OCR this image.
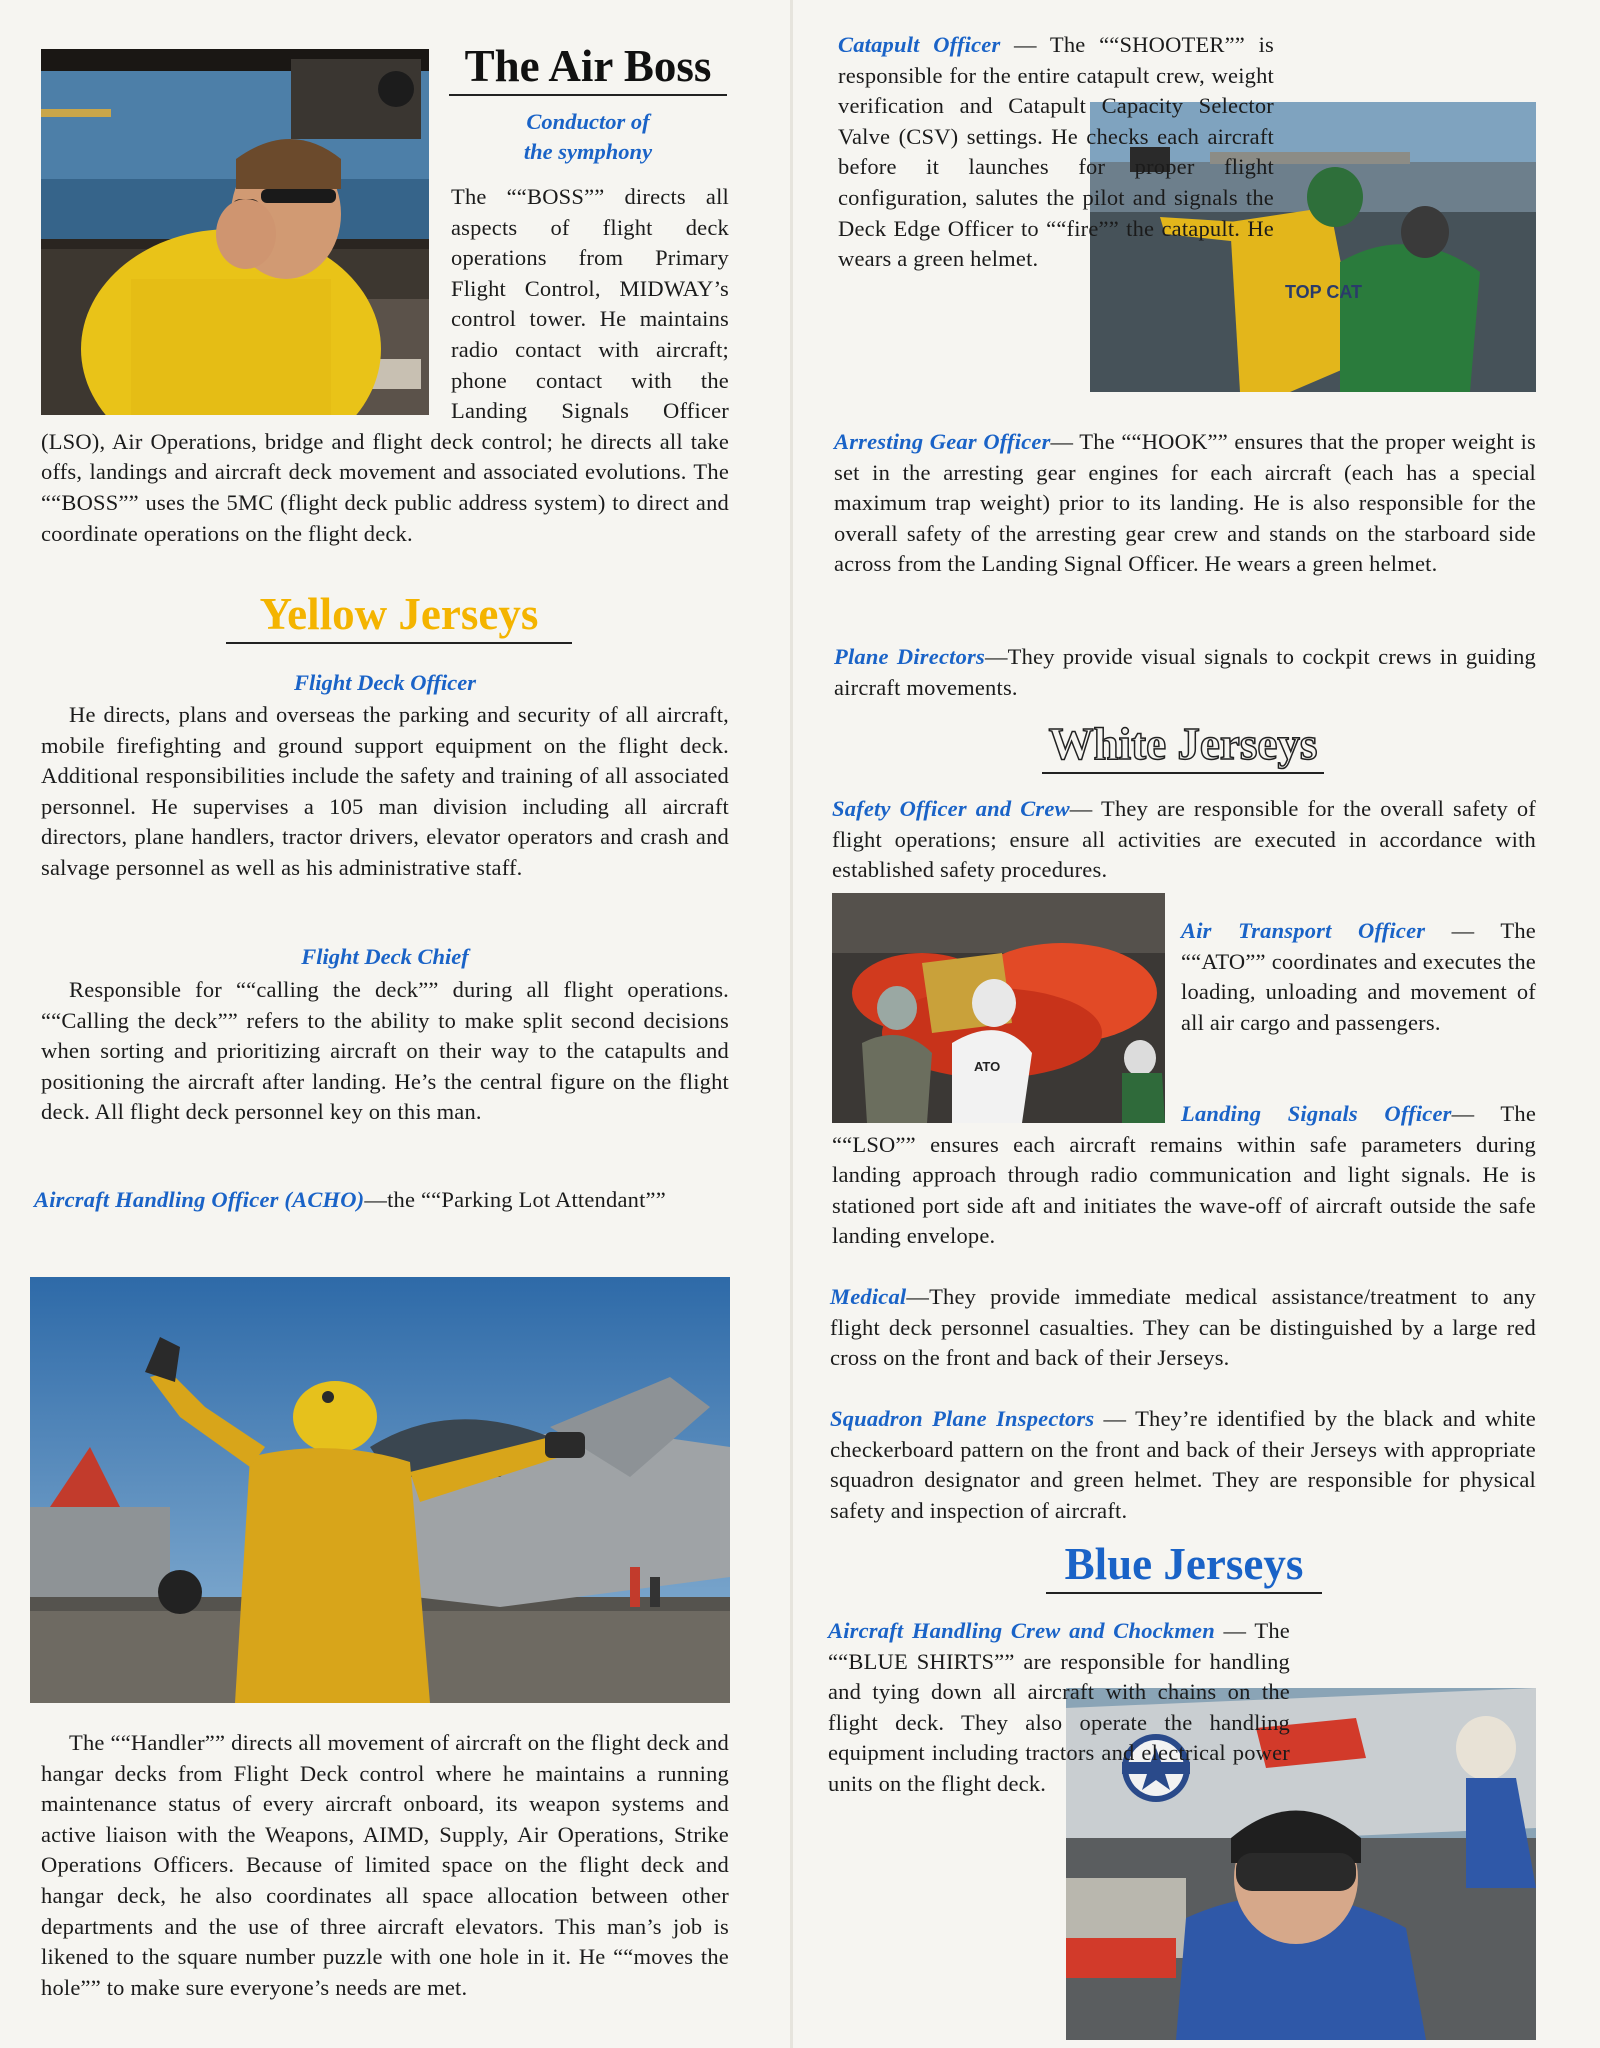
The Air Boss
Conductor of
the symphony
The ““BOSS”” directs all aspects of flight deck operations from Primary Flight Control, MIDWAY’s control tower. He maintains radio contact with aircraft; phone contact with the Landing Signals Officer (LSO), Air Operations, bridge and flight deck control; he directs all take offs, landings and aircraft deck movement and associated evolutions. The ““BOSS”” uses the 5MC (flight deck public address system) to direct and coordinate operations on the flight deck.
Yellow Jerseys
Flight Deck Officer
He directs, plans and overseas the parking and security of all aircraft, mobile firefighting and ground support equipment on the flight deck. Additional responsibilities include the safety and training of all associated personnel. He supervises a 105 man division including all aircraft directors, plane handlers, tractor drivers, elevator operators and crash and salvage personnel as well as his administrative staff.
Flight Deck Chief
Responsible for ““calling the deck”” during all flight operations. ““Calling the deck”” refers to the ability to make split second decisions when sorting and prioritizing aircraft on their way to the catapults and positioning the aircraft after landing. He’s the central figure on the flight deck. All flight deck personnel key on this man.
Aircraft Handling Officer (ACHO)—the ““Parking Lot Attendant””
The ““Handler”” directs all movement of aircraft on the flight deck and hangar decks from Flight Deck control where he maintains a running maintenance status of every aircraft onboard, its weapon systems and active liaison with the Weapons, AIMD, Supply, Air Operations, Strike Operations Officers. Because of limited space on the flight deck and hangar deck, he also coordinates all space allocation between other departments and the use of three aircraft elevators. This man’s job is likened to the square number puzzle with one hole in it. He ““moves the hole”” to make sure everyone’s needs are met.
TOP CAT
Catapult Officer — The ““SHOOTER”” is responsible for the entire catapult crew, weight verification and Catapult Capacity Selector Valve (CSV) settings. He checks each aircraft before it launches for proper flight configuration, salutes the pilot and signals the Deck Edge Officer to ““fire”” the catapult. He wears a green helmet.
Arresting Gear Officer— The ““HOOK”” ensures that the proper weight is set in the arresting gear engines for each aircraft (each has a special maximum trap weight) prior to its landing. He is also responsible for the overall safety of the arresting gear crew and stands on the starboard side across from the Landing Signal Officer. He wears a green helmet.
Plane Directors—They provide visual signals to cockpit crews in guiding aircraft movements.
White Jerseys
Safety Officer and Crew— They are responsible for the overall safety of flight operations; ensure all activities are executed in accordance with established safety procedures.
ATO
Air Transport Officer — The ““ATO”” coordinates and executes the loading, unloading and movement of all air cargo and passengers.
Landing Signals Officer— The ““LSO”” ensures each aircraft remains within safe parameters during landing approach through radio communication and light signals. He is stationed port side aft and initiates the wave-off of aircraft outside the safe landing envelope.
Medical—They provide immediate medical assistance/treatment to any flight deck personnel casualties. They can be distinguished by a large red cross on the front and back of their Jerseys.
Squadron Plane Inspectors — They’re identified by the black and white checkerboard pattern on the front and back of their Jerseys with appropriate squadron designator and green helmet. They are responsible for physical safety and inspection of aircraft.
Blue Jerseys
Aircraft Handling Crew and Chockmen — The ““BLUE SHIRTS”” are responsible for handling and tying down all aircraft with chains on the flight deck. They also operate the handling equipment including tractors and electrical power units on the flight deck.
